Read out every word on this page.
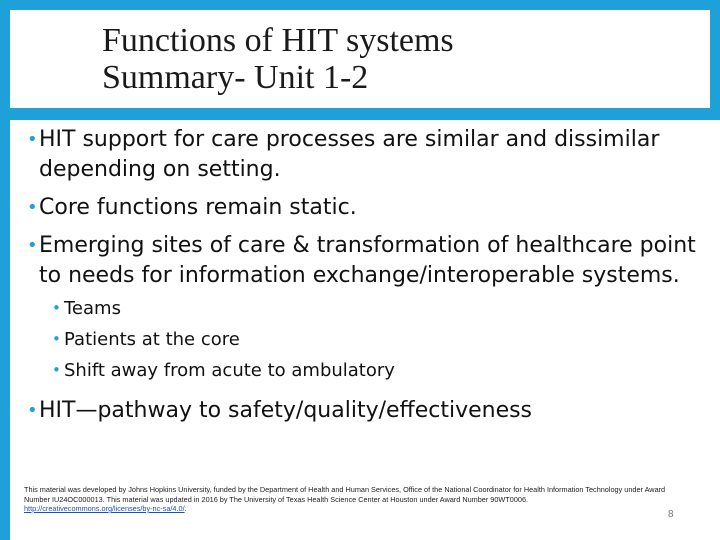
Functions of HIT systems
Summary- Unit 1-2
• HIT support for care processes are similar and dissimilar depending on setting.
• Core functions remain static.
• Emerging sites of care & transformation of healthcare point to needs for information exchange/interoperable systems.
• Teams
• Patients at the core
• Shift away from acute to ambulatory
• HIT—pathway to safety/quality/effectiveness
This material was developed by Johns Hopkins University, funded by the Department of Health and Human Services, Office of the National Coordinator for Health Information Technology under Award Number IU24OC000013. This material was updated in 2016 by The University of Texas Health Science Center at Houston under Award Number 90WT0006.
http://creativecommons.org/licenses/by-nc-sa/4.0/.
8
